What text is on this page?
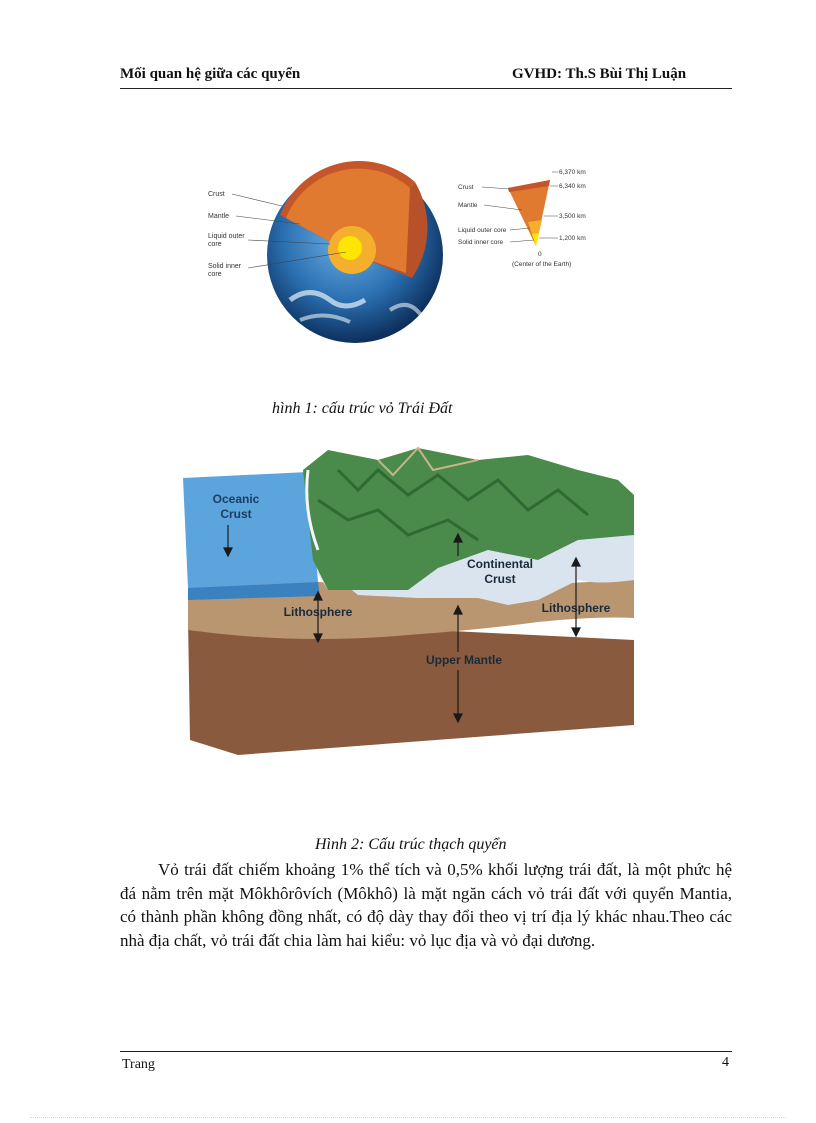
Mối quan hệ giữa các quyển	GVHD: Th.S Bùi Thị Luận
Crust
Mantle
Liquid outer
core
Solid inner
core
Crust
Mantle
Liquid outer core
Solid inner core
6,370 km
6,340 km
3,500 km
1,200 km
0
(Center of the Earth)
hình 1: cấu trúc vỏ Trái Đất
Oceanic
Crust
Continental
Crust
Lithosphere	Lithosphere
Upper Mantle
Hình 2: Cấu trúc thạch quyển
Vỏ trái đất chiếm khoảng 1% thể tích và 0,5% khối lượng trái đất, là một phức hệ đá nằm trên mặt Môkhôrôvích (Môkhô) là mặt ngăn cách vỏ trái đất với quyển Mantia, có thành phần không đồng nhất, có độ dày thay đổi theo vị trí địa lý khác nhau.Theo các nhà địa chất, vỏ trái đất chia làm hai kiểu: vỏ lục địa và vỏ đại dương.
Trang	4
